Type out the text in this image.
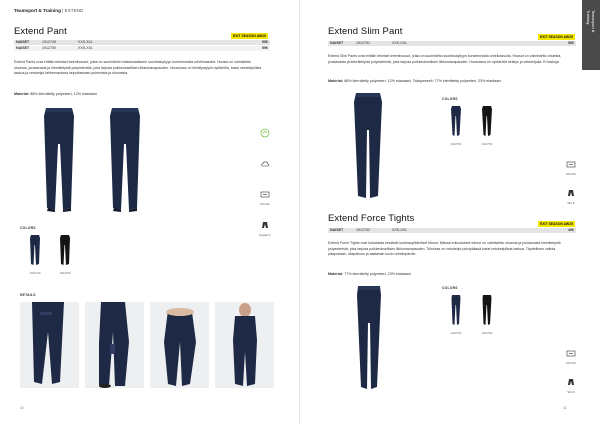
Teamsport & Training | EXTEND
Extend Pant	EXIT SEASON AW25
NAISET	1912749	XXS-3XL	59€
NAISET	1912750	XXS-XXL	59€
Extend Pants ovat erittäin tekniset treenihousut, jotka on suunniteltu maksimaaliseen suorituskykyyn korkeimmalla urheilutasolla. Housut on valmistettu ohuesta, joustavasta ja kierrätetystä polyesteristä, joka tarjoaa poikkeuksellisen liikkumavapauden. Housuissa on kierätystyylin vyötärölla, kaksi vetoketjullista taskua ja vetoketjut lahkeensuissa helpottamaan pukemista ja riisumista.
Material: 88% kierrätetty polyesteri, 12% elastaani
XXS-3XL
Regular fit
COLORS
1912749	1912750
DETAILS
40
Teamsport &
Training
Extend Slim Pant	EXIT SEASON AW25
NAISET	1912751	XXS-XXL	59€
Extend Slim Pants ovat erittäin tekniset treenihousut, jotka on suunniteltu suorituskykyyn korkeimmalla urheilutasolla. Housut on valmistettu ohuesta, joustavasta ja kierrätetystä polyesteristä, joka tarjoaa poikkeuksellisen liikkumavapauden. Housuissa on vyötäröllä kiristys ja vetoketjulla. Ei taskuja.
Material: 88% kierrätetty polyesteri, 12% elastaani. Takapaneeli: 77% kierrätetty polyesteri, 23% elastaani
COLORS
1912751	1912751
XXS-XXL
Slim fit
Extend Force Tights	EXIT SEASON AW25
NAISET	1912752	XXS-XXL	49€
Extend Force Tights ovat kukatuista kestävät korkeasyötäröiset trikoot. Näissä erikuokaiset trikoot on valmistettu ohuesta ja joustavasta kierrätetystä polyesteristä, joka tarjoaa poikkeuksellisen liikkumavapauden. Trikoissa on vetoketjut polvipäässä kaksi vetoketjullista taskua. Täydellinen valinta pikapokaan, kilapailuun ja aastaisiin kovin urheilupäiviin.
Material: 77% kierrätetty polyesteri, 23% elastaani
COLORS
1912752	1912752
XXS-XXL
Slim fit
41
